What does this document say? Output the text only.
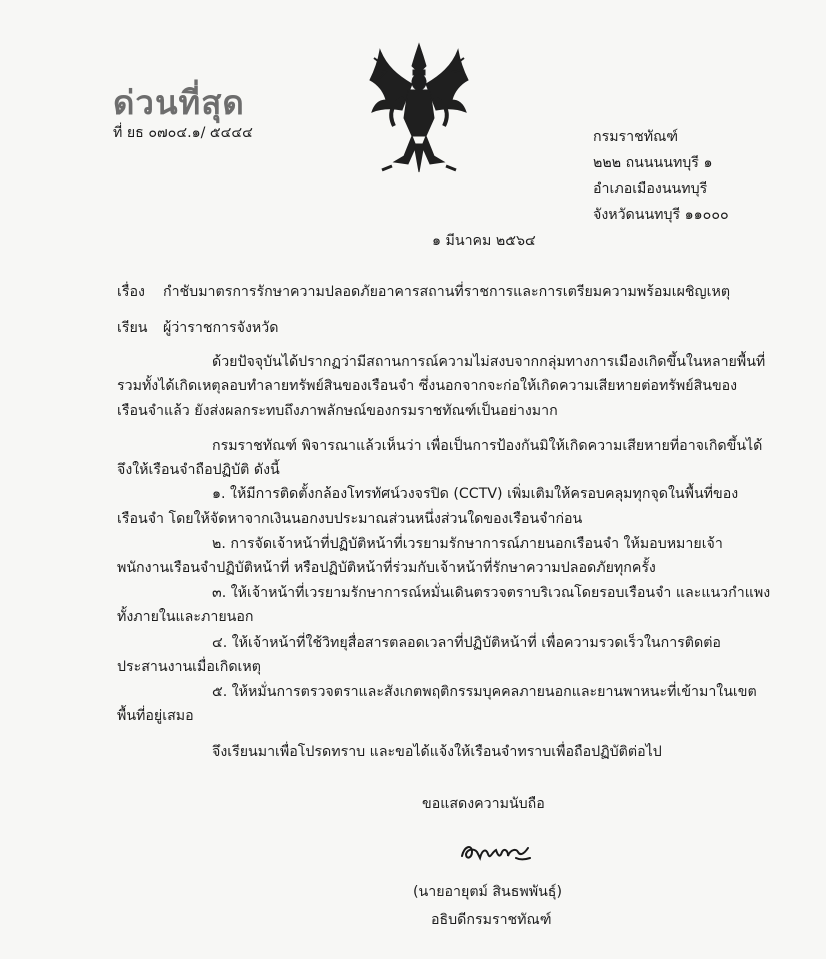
ด่วนที่สุด
ที่ ยธ ๐๗๐๔.๑/ ๕๔๔๔	กรมราชทัณฑ์
๒๒๒ ถนนนนทบุรี ๑
อำเภอเมืองนนทบุรี
จังหวัดนนทบุรี ๑๑๐๐๐
๑ มีนาคม ๒๕๖๔
เรื่อง กำชับมาตรการรักษาความปลอดภัยอาคารสถานที่ราชการและการเตรียมความพร้อมเผชิญเหตุ
เรียน ผู้ว่าราชการจังหวัด
ด้วยปัจจุบันได้ปรากฏว่ามีสถานการณ์ความไม่สงบจากกลุ่มทางการเมืองเกิดขึ้นในหลายพื้นที่
รวมทั้งได้เกิดเหตุลอบทำลายทรัพย์สินของเรือนจำ ซึ่งนอกจากจะก่อให้เกิดความเสียหายต่อทรัพย์สินของ
เรือนจำแล้ว ยังส่งผลกระทบถึงภาพลักษณ์ของกรมราชทัณฑ์เป็นอย่างมาก
กรมราชทัณฑ์ พิจารณาแล้วเห็นว่า เพื่อเป็นการป้องกันมิให้เกิดความเสียหายที่อาจเกิดขึ้นได้
จึงให้เรือนจำถือปฏิบัติ ดังนี้
๑. ให้มีการติดตั้งกล้องโทรทัศน์วงจรปิด (CCTV) เพิ่มเติมให้ครอบคลุมทุกจุดในพื้นที่ของ
เรือนจำ โดยให้จัดหาจากเงินนอกงบประมาณส่วนหนึ่งส่วนใดของเรือนจำก่อน
๒. การจัดเจ้าหน้าที่ปฏิบัติหน้าที่เวรยามรักษาการณ์ภายนอกเรือนจำ ให้มอบหมายเจ้า
พนักงานเรือนจำปฏิบัติหน้าที่ หรือปฏิบัติหน้าที่ร่วมกับเจ้าหน้าที่รักษาความปลอดภัยทุกครั้ง
๓. ให้เจ้าหน้าที่เวรยามรักษาการณ์หมั่นเดินตรวจตราบริเวณโดยรอบเรือนจำ และแนวกำแพง
ทั้งภายในและภายนอก
๔. ให้เจ้าหน้าที่ใช้วิทยุสื่อสารตลอดเวลาที่ปฏิบัติหน้าที่ เพื่อความรวดเร็วในการติดต่อ
ประสานงานเมื่อเกิดเหตุ
๕. ให้หมั่นการตรวจตราและสังเกตพฤติกรรมบุคคลภายนอกและยานพาหนะที่เข้ามาในเขต
พื้นที่อยู่เสมอ
จึงเรียนมาเพื่อโปรดทราบ และขอได้แจ้งให้เรือนจำทราบเพื่อถือปฏิบัติต่อไป
ขอแสดงความนับถือ
(นายอายุตม์ สินธพพันธุ์)
อธิบดีกรมราชทัณฑ์
